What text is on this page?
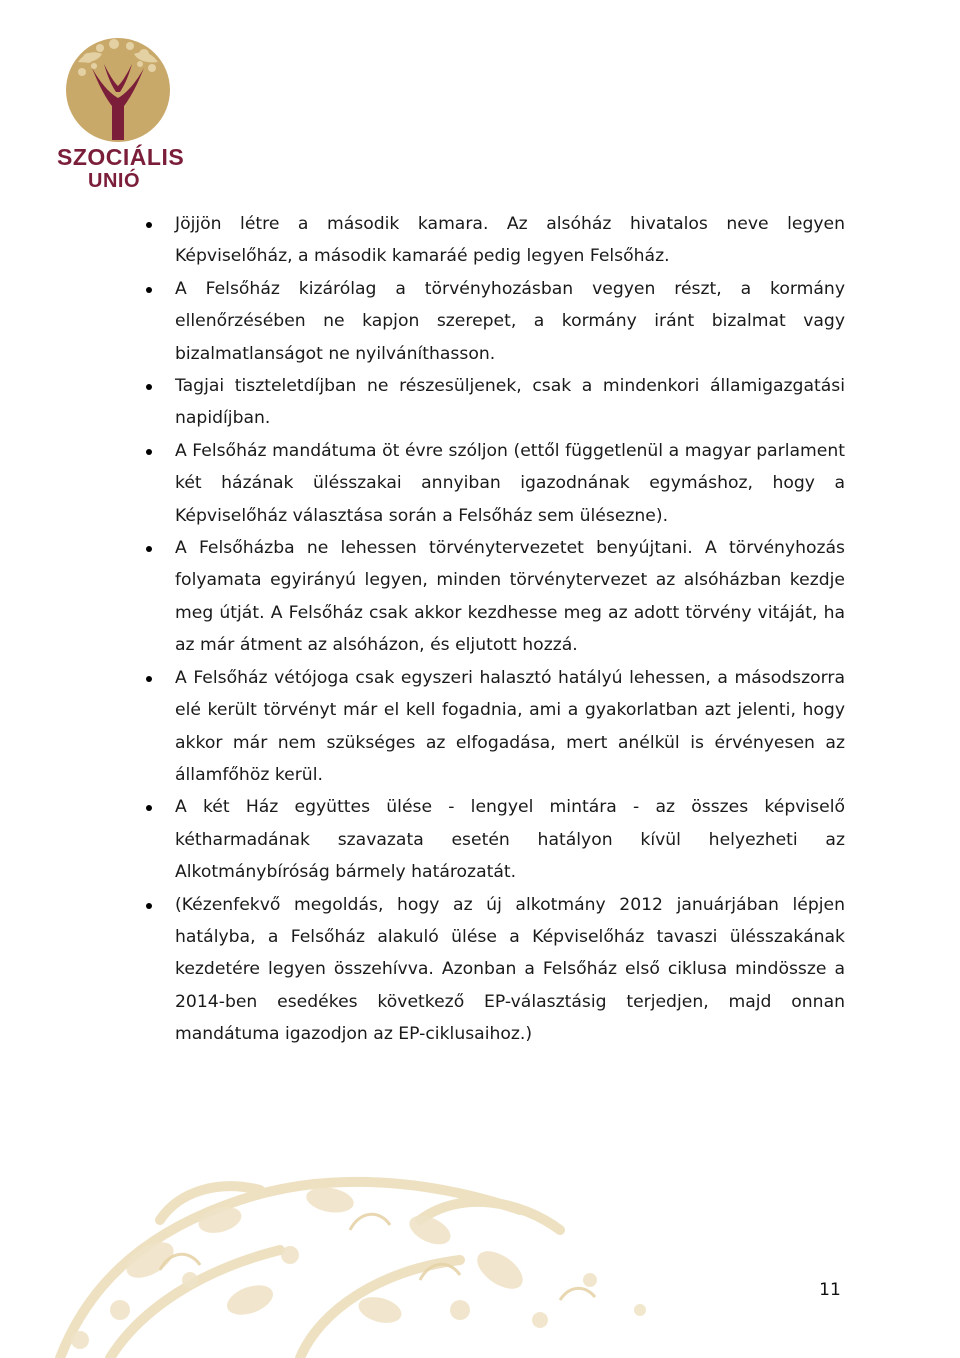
SZOCIÁLIS
UNIÓ
Jöjjön létre a második kamara. Az alsóház hivatalos neve legyen Képviselőház, a második kamaráé pedig legyen Felsőház.
A Felsőház kizárólag a törvényhozásban vegyen részt, a kormány ellenőrzésében ne kapjon szerepet, a kormány iránt bizalmat vagy bizalmatlanságot ne nyilváníthasson.
Tagjai tiszteletdíjban ne részesüljenek, csak a mindenkori államigazgatási napidíjban.
A Felsőház mandátuma öt évre szóljon (ettől függetlenül a magyar parlament két házának ülésszakai annyiban igazodnának egymáshoz, hogy a Képviselőház választása során a Felsőház sem ülésezne).
A Felsőházba ne lehessen törvénytervezetet benyújtani. A törvényhozás folyamata egyirányú legyen, minden törvénytervezet az alsóházban kezdje meg útját. A Felsőház csak akkor kezdhesse meg az adott törvény vitáját, ha az már átment az alsóházon, és eljutott hozzá.
A Felsőház vétójoga csak egyszeri halasztó hatályú lehessen, a másodszorra elé került törvényt már el kell fogadnia, ami a gyakorlatban azt jelenti, hogy akkor már nem szükséges az elfogadása, mert anélkül is érvényesen az államfőhöz kerül.
A két Ház együttes ülése - lengyel mintára - az összes képviselő kétharmadának szavazata esetén hatályon kívül helyezheti az Alkotmánybíróság bármely határozatát.
(Kézenfekvő megoldás, hogy az új alkotmány 2012 januárjában lépjen hatályba, a Felsőház alakuló ülése a Képviselőház tavaszi ülésszakának kezdetére legyen összehívva. Azonban a Felsőház első ciklusa mindössze a 2014-ben esedékes következő EP-választásig terjedjen, majd onnan mandátuma igazodjon az EP-ciklusaihoz.)
11
